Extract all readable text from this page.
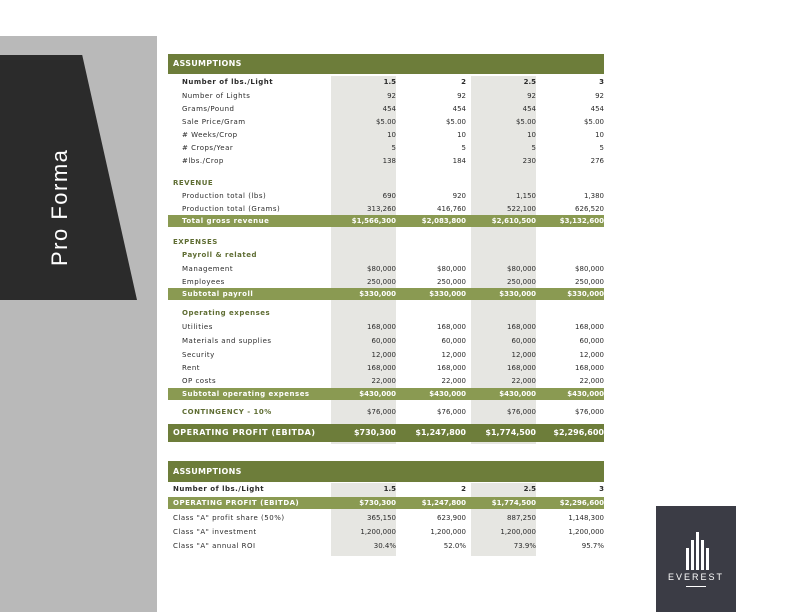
Pro Forma
ASSUMPTIONS
Number of lbs./Light	1.5	2	2.5	3
Number of Lights	92	92	92	92
Grams/Pound	454	454	454	454
Sale Price/Gram	$5.00	$5.00	$5.00	$5.00
# Weeks/Crop	10	10	10	10
# Crops/Year	5	5	5	5
#lbs./Crop	138	184	230	276
REVENUE
Production total (lbs)	690	920	1,150	1,380
Production total (Grams)	313,260	416,760	522,100	626,520
Total gross revenue	$1,566,300	$2,083,800	$2,610,500	$3,132,600
EXPENSES
Payroll & related
Management	$80,000	$80,000	$80,000	$80,000
Employees	250,000	250,000	250,000	250,000
Subtotal payroll	$330,000	$330,000	$330,000	$330,000
Operating expenses
Utilities	168,000	168,000	168,000	168,000
Materials and supplies	60,000	60,000	60,000	60,000
Security	12,000	12,000	12,000	12,000
Rent	168,000	168,000	168,000	168,000
OP costs	22,000	22,000	22,000	22,000
Subtotal operating expenses	$430,000	$430,000	$430,000	$430,000
CONTINGENCY - 10%	$76,000	$76,000	$76,000	$76,000
OPERATING PROFIT (EBITDA)	$730,300	$1,247,800	$1,774,500	$2,296,600
ASSUMPTIONS
Number of lbs./Light	1.5	2	2.5	3
OPERATING PROFIT (EBITDA)	$730,300	$1,247,800	$1,774,500	$2,296,600
Class "A" profit share (50%)	365,150	623,900	887,250	1,148,300
Class "A" investment	1,200,000	1,200,000	1,200,000	1,200,000
Class "A" annual ROI	30.4%	52.0%	73.9%	95.7%
EVEREST
